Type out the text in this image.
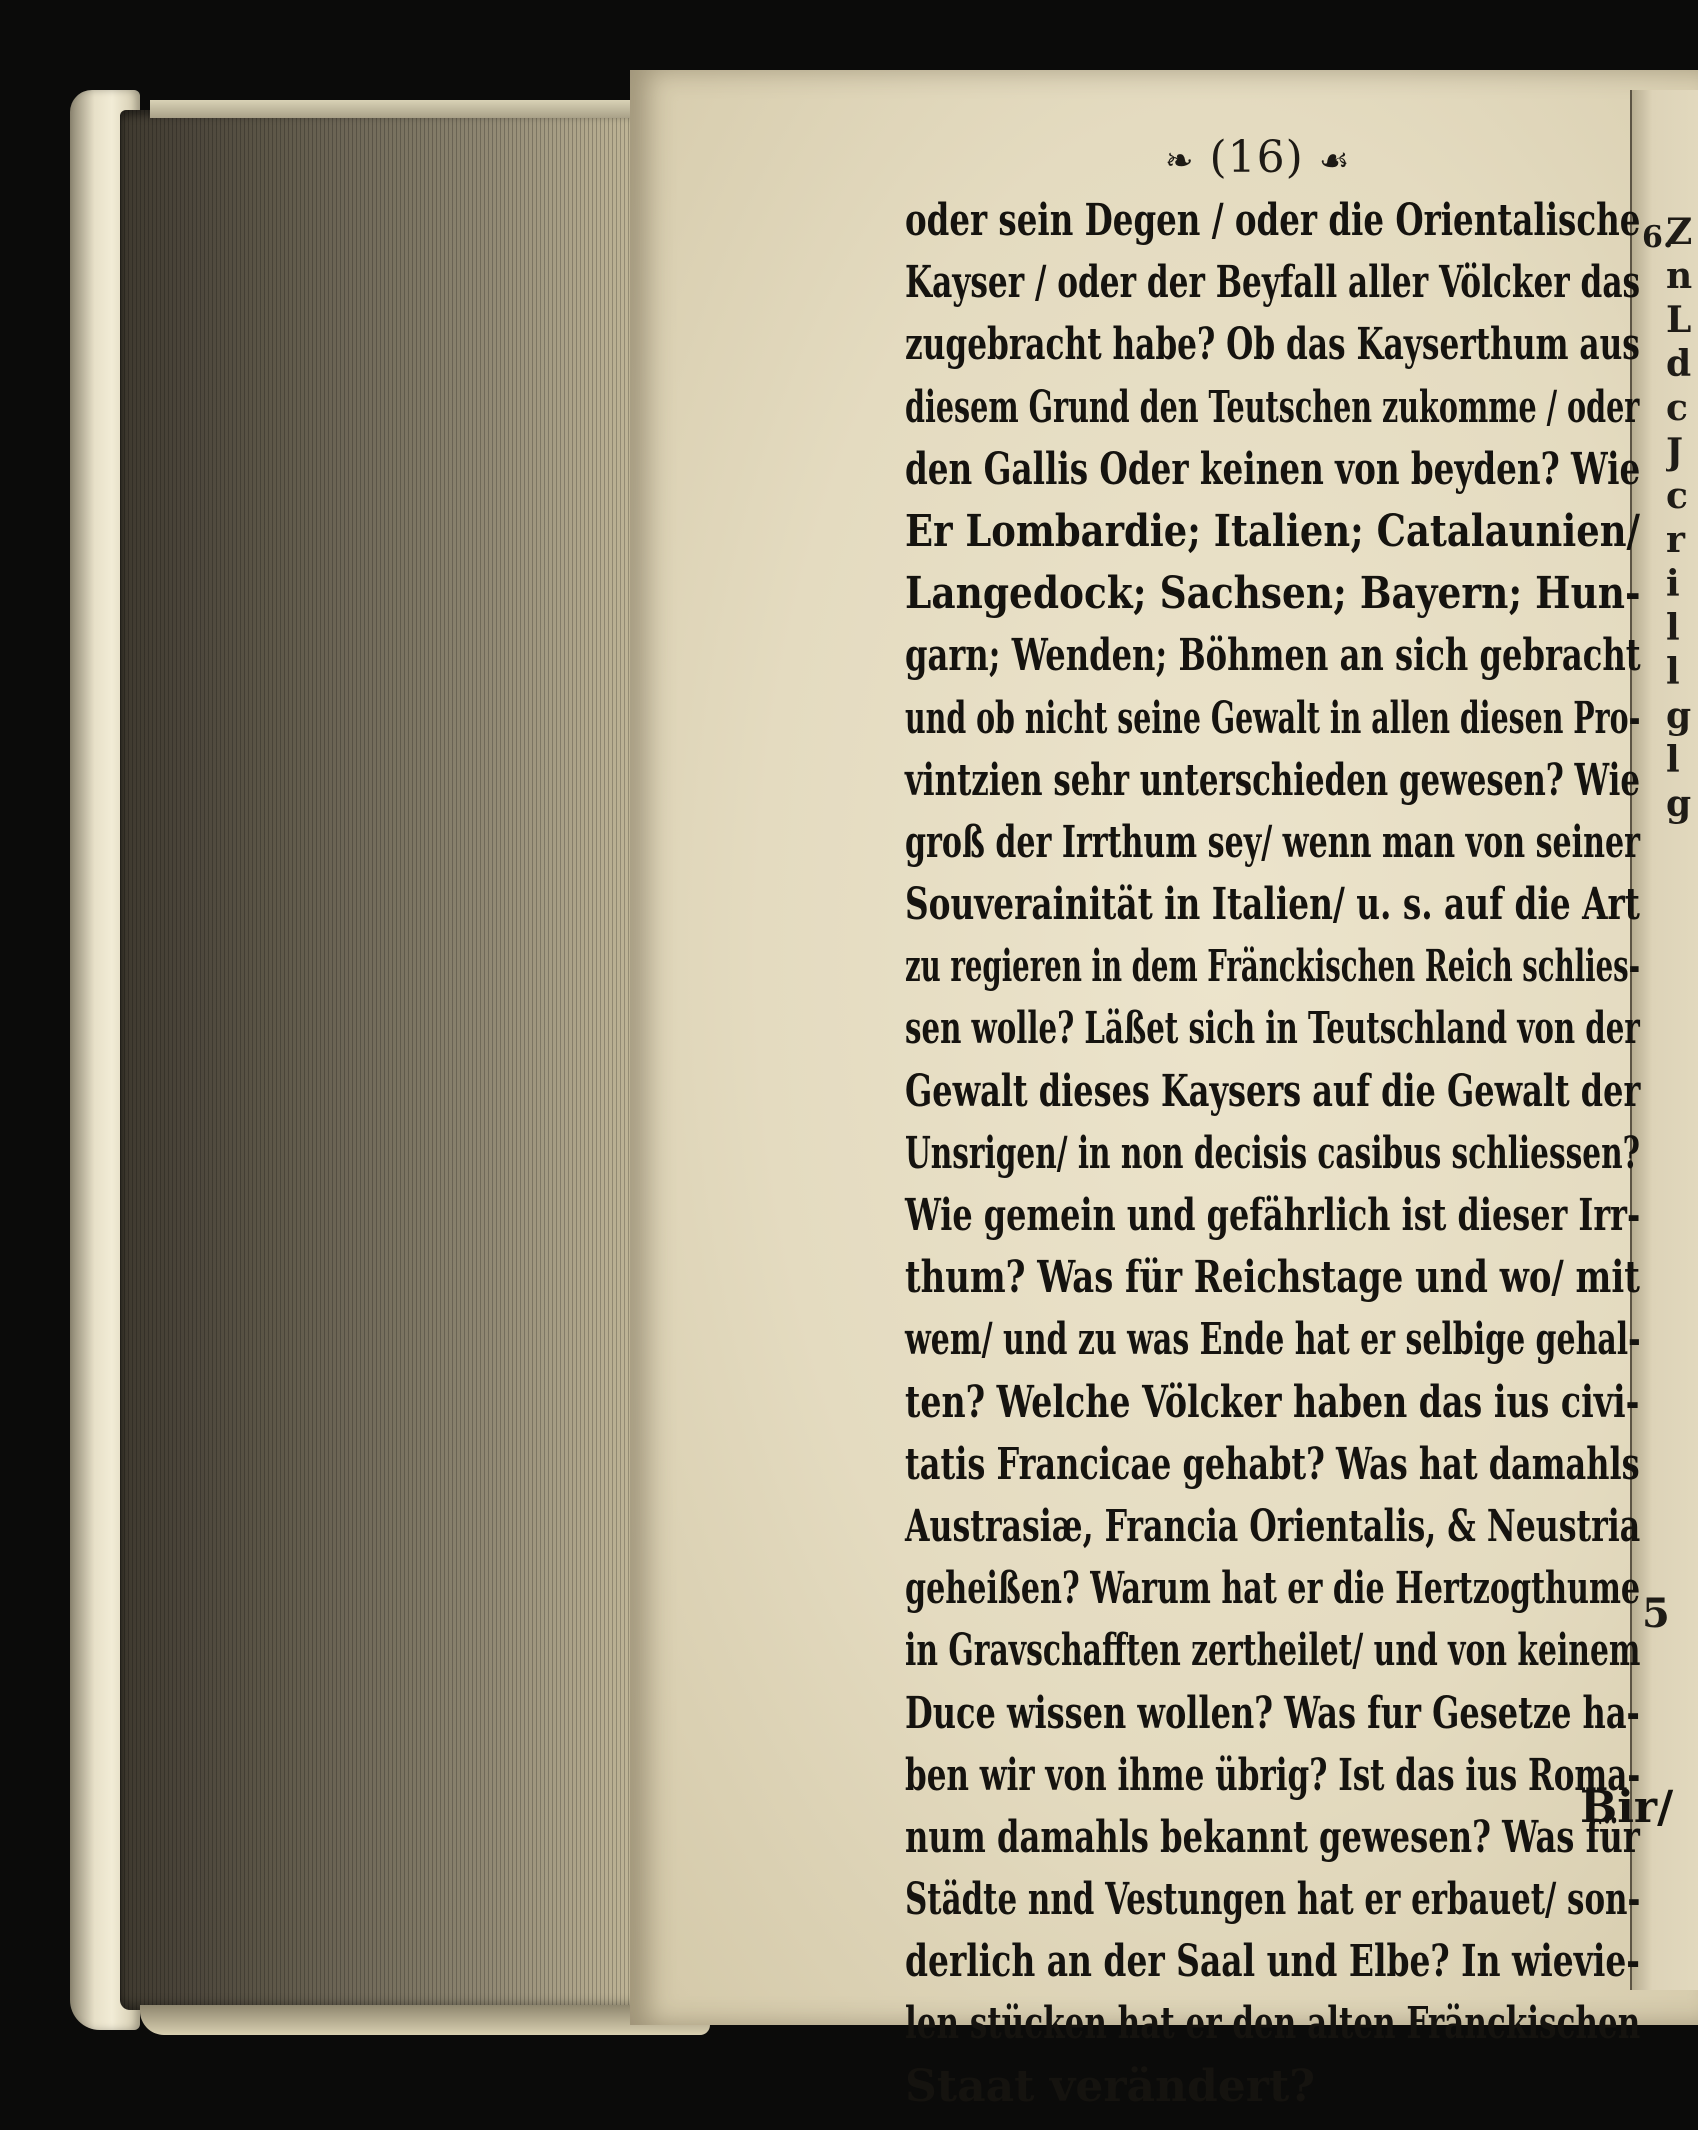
6.
Z
n
L
d
c
J
c
r
i
l
l
g
l
g
5
❧ (16) ☙
oder sein Degen / oder die Orientalische
Kayser / oder der Beyfall aller Völcker das
zugebracht habe? Ob das Kayserthum aus
diesem Grund den Teutschen zukomme / oder
den Gallis Oder keinen von beyden? Wie
Er Lombardie; Italien; Catalaunien/
Langedock; Sachsen; Bayern; Hun-
garn; Wenden; Böhmen an sich gebracht
und ob nicht seine Gewalt in allen diesen Pro-
vintzien sehr unterschieden gewesen? Wie
groß der Irrthum sey/ wenn man von seiner
Souverainität in Italien/ u. s. auf die Art
zu regieren in dem Fränckischen Reich schlies-
sen wolle? Läßet sich in Teutschland von der
Gewalt dieses Kaysers auf die Gewalt der
Unsrigen/ in non decisis casibus schliessen?
Wie gemein und gefährlich ist dieser Irr-
thum? Was für Reichstage und wo/ mit
wem/ und zu was Ende hat er selbige gehal-
ten? Welche Völcker haben das ius civi-
tatis Francicae gehabt? Was hat damahls
Austrasiæ, Francia Orientalis, & Neustria
geheißen? Warum hat er die Hertzogthume
in Gravschafften zertheilet/ und von keinem
Duce wissen wollen? Was fur Gesetze ha-
ben wir von ihme übrig? Ist das ius Roma-
num damahls bekannt gewesen? Was für
Städte nnd Vestungen hat er erbauet/ son-
derlich an der Saal und Elbe? In wievie-
len stücken hat er den alten Fränckischen
Staat verändert?
Bir/
